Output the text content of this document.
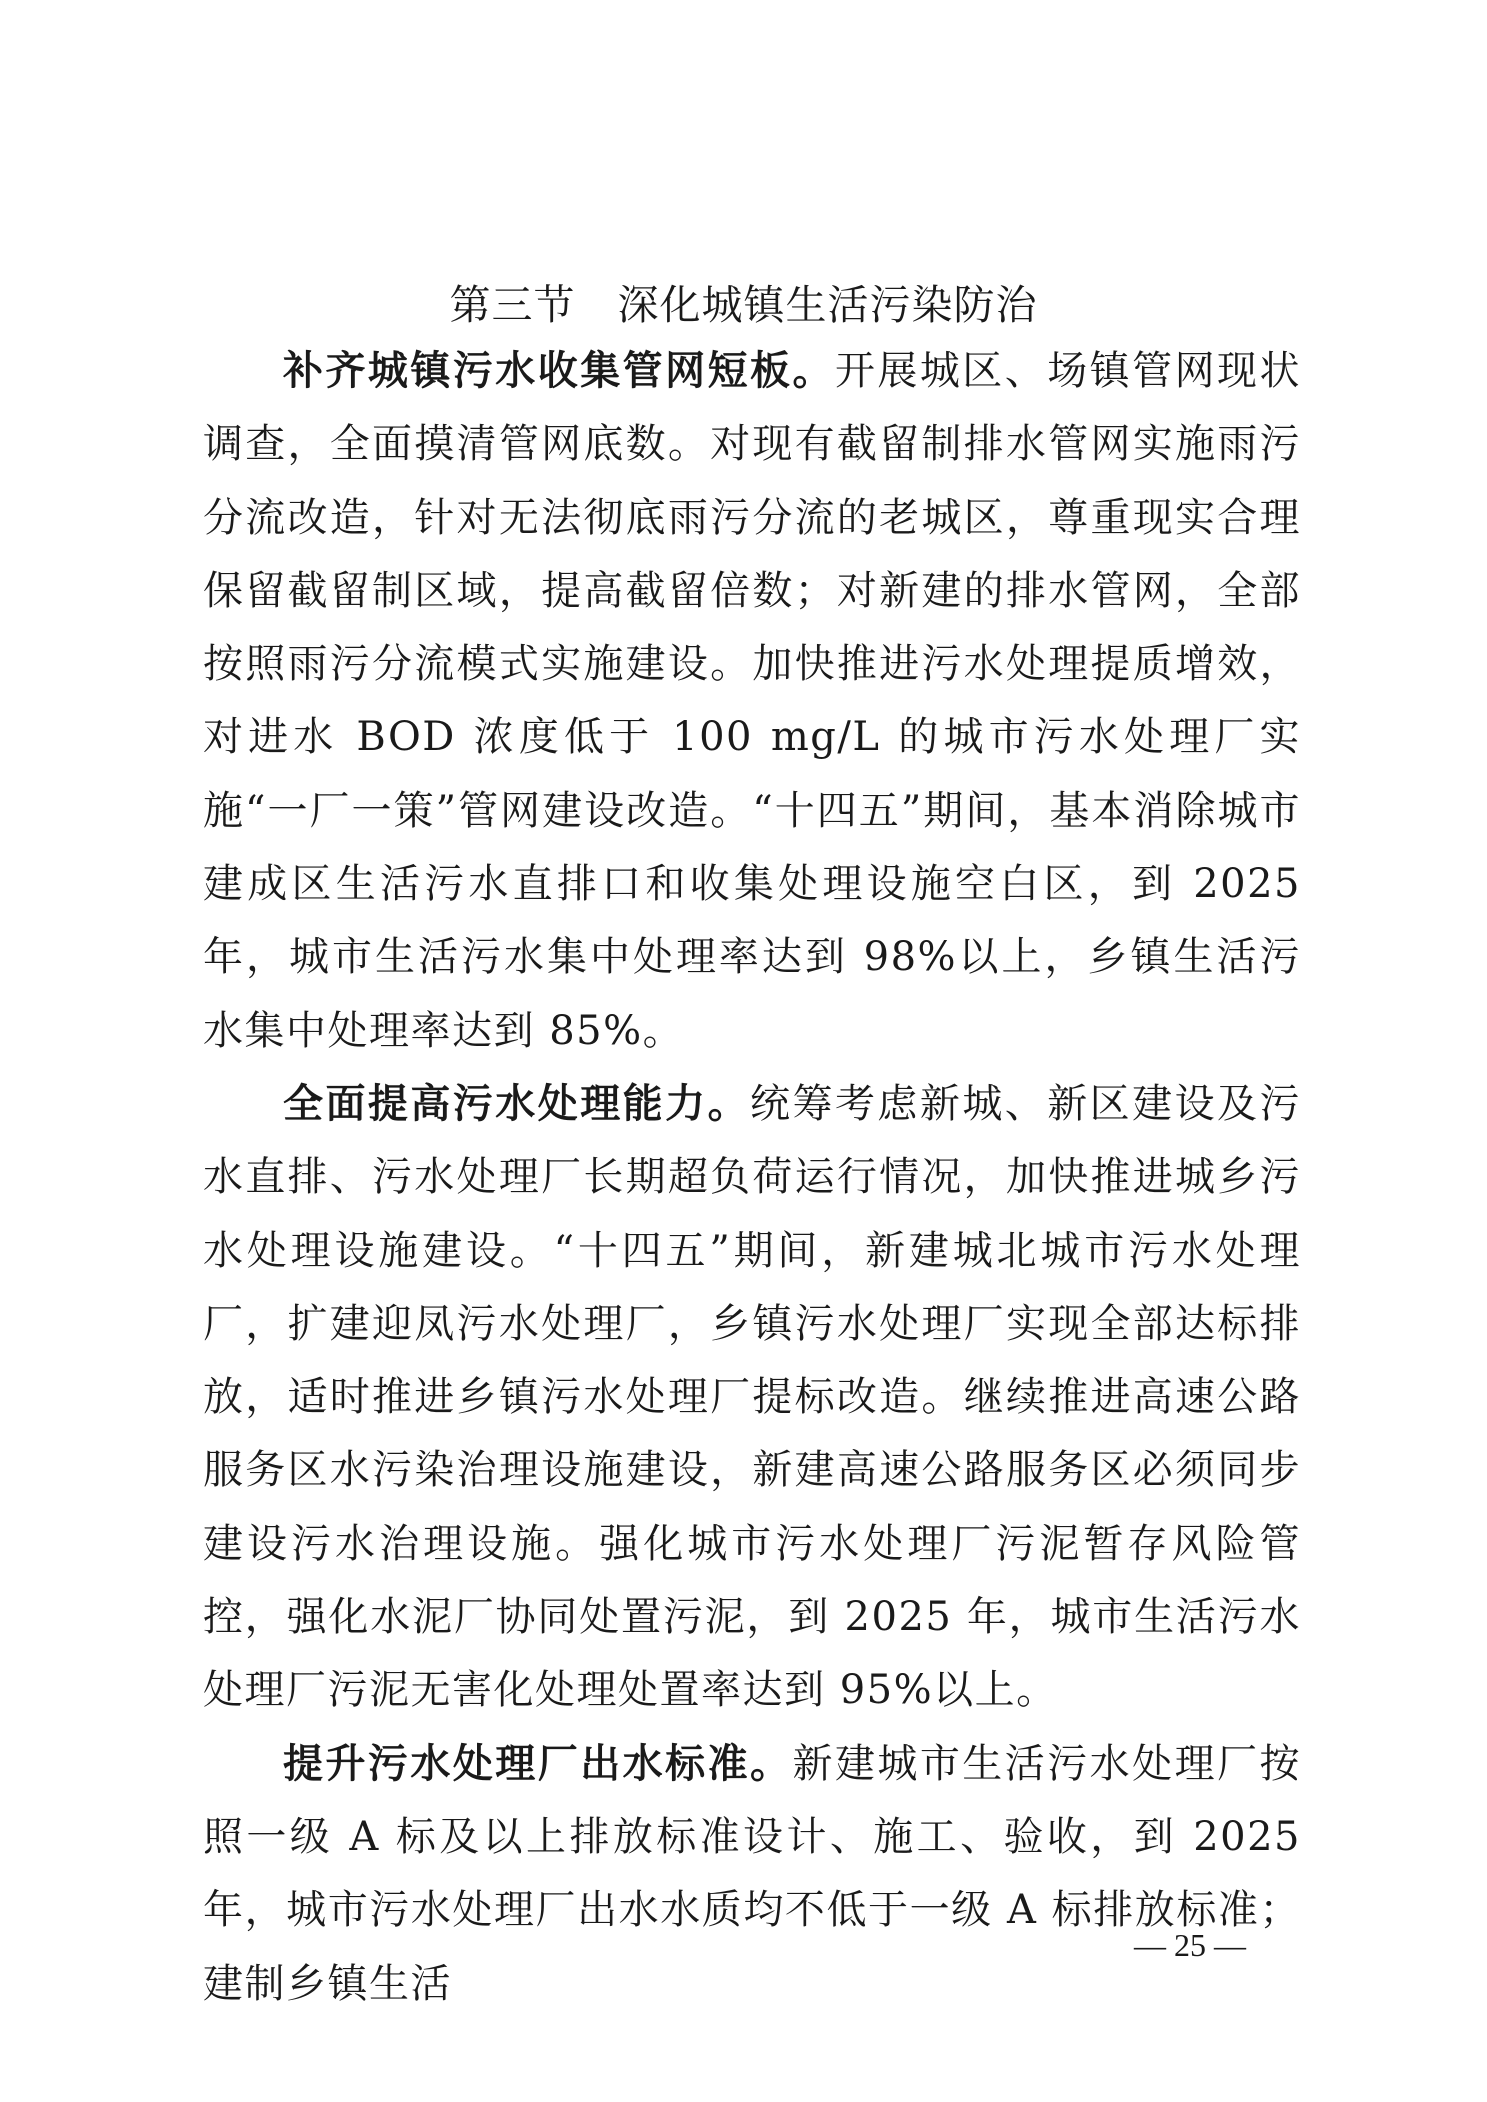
第三节　深化城镇生活污染防治

补齐城镇污水收集管网短板。开展城区、场镇管网现状调查，全面摸清管网底数。对现有截留制排水管网实施雨污分流改造，针对无法彻底雨污分流的老城区，尊重现实合理保留截留制区域，提高截留倍数；对新建的排水管网，全部按照雨污分流模式实施建设。加快推进污水处理提质增效，对进水 BOD 浓度低于 100 mg/L 的城市污水处理厂实施“一厂一策”管网建设改造。“十四五”期间，基本消除城市建成区生活污水直排口和收集处理设施空白区，到 2025 年，城市生活污水集中处理率达到 98%以上，乡镇生活污水集中处理率达到 85%。

全面提高污水处理能力。统筹考虑新城、新区建设及污水直排、污水处理厂长期超负荷运行情况，加快推进城乡污水处理设施建设。“十四五”期间，新建城北城市污水处理厂，扩建迎凤污水处理厂，乡镇污水处理厂实现全部达标排放，适时推进乡镇污水处理厂提标改造。继续推进高速公路服务区水污染治理设施建设，新建高速公路服务区必须同步建设污水治理设施。强化城市污水处理厂污泥暂存风险管控，强化水泥厂协同处置污泥，到 2025 年，城市生活污水处理厂污泥无害化处理处置率达到 95%以上。

提升污水处理厂出水标准。新建城市生活污水处理厂按照一级 A 标及以上排放标准设计、施工、验收，到 2025 年，城市污水处理厂出水水质均不低于一级 A 标排放标准；建制乡镇生活

— 25 —
